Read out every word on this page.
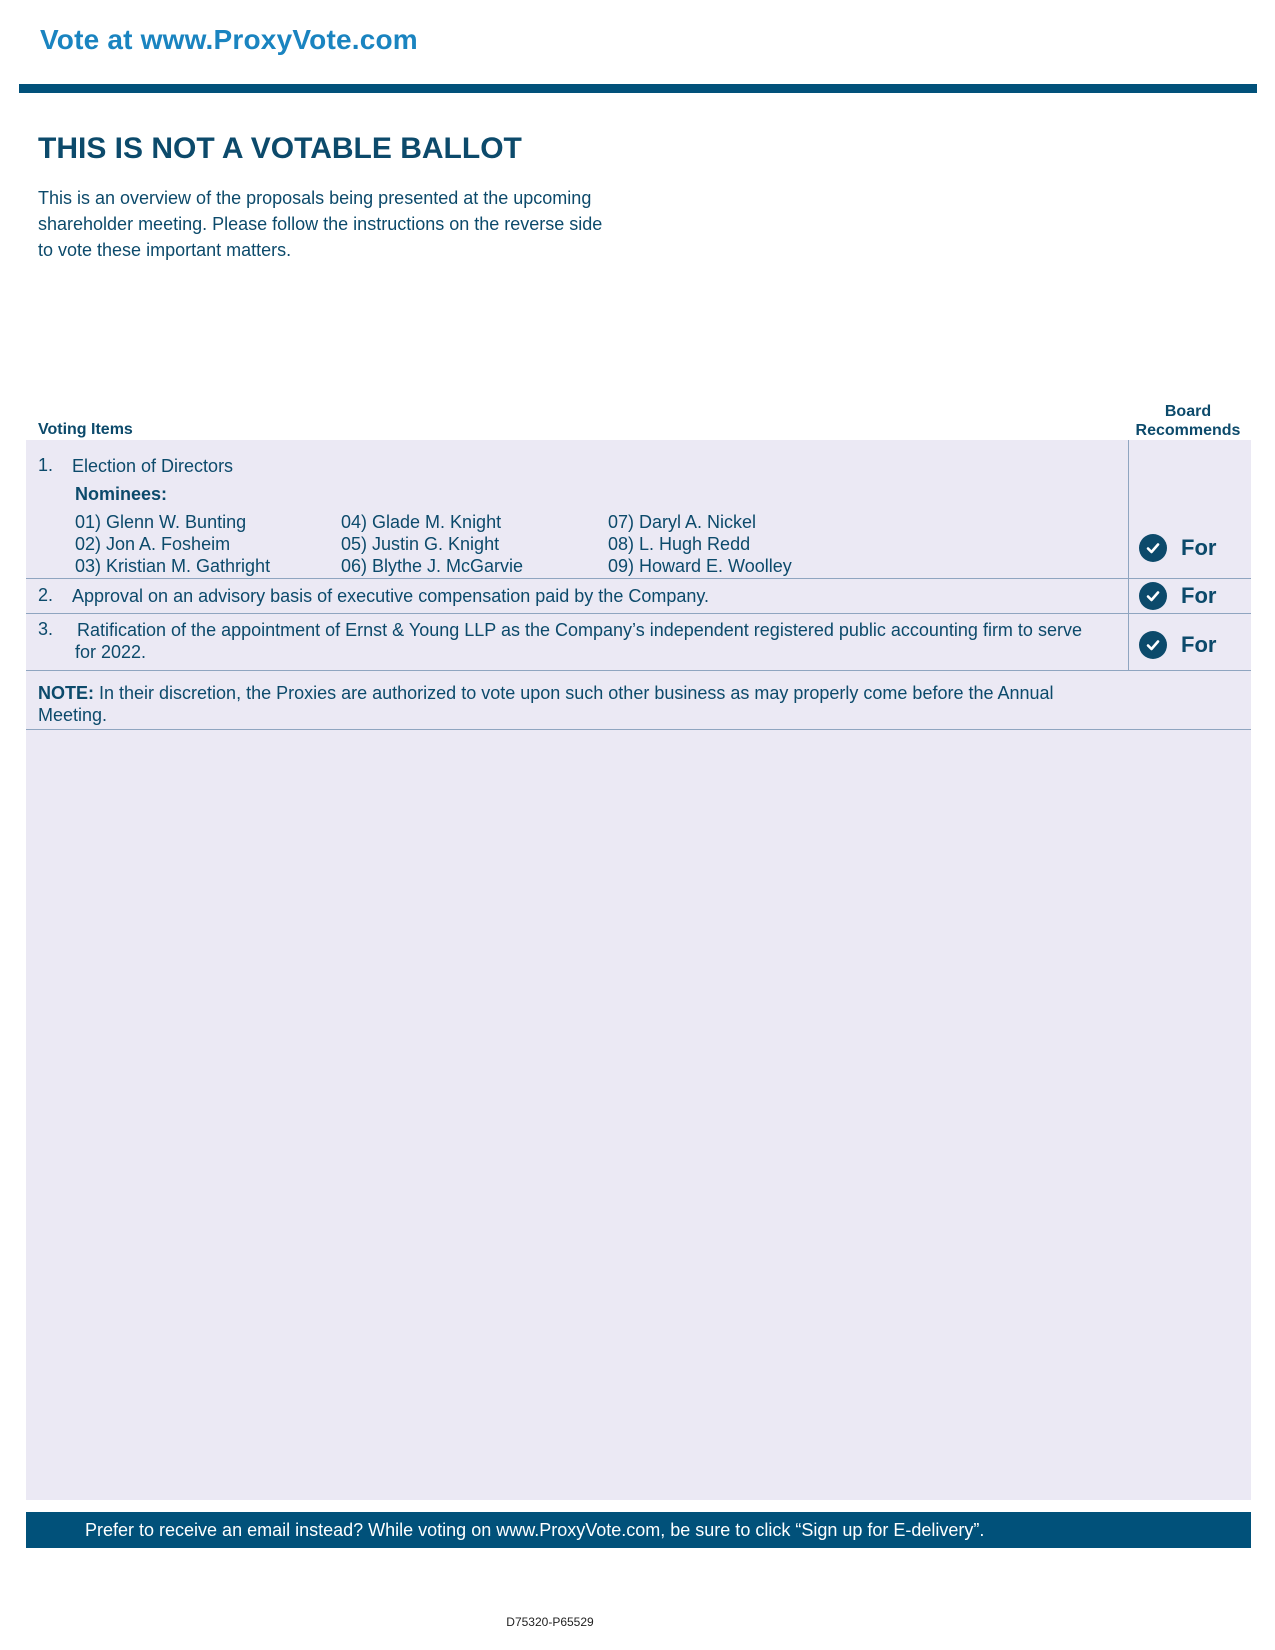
Vote at www.ProxyVote.com
THIS IS NOT A VOTABLE BALLOT
This is an overview of the proposals being presented at the upcoming shareholder meeting. Please follow the instructions on the reverse side to vote these important matters.
Voting Items
Board
Recommends
1. Election of Directors
Nominees:
01) Glenn W. Bunting
02) Jon A. Fosheim
03) Kristian M. Gathright
04) Glade M. Knight
05) Justin G. Knight
06) Blythe J. McGarvie
07) Daryl A. Nickel
08) L. Hugh Redd
09) Howard E. Woolley
For
2. Approval on an advisory basis of executive compensation paid by the Company.	For
3. Ratification of the appointment of Ernst & Young LLP as the Company’s independent registered public accounting firm to serve for 2022.	For
NOTE: In their discretion, the Proxies are authorized to vote upon such other business as may properly come before the Annual Meeting.
Prefer to receive an email instead? While voting on www.ProxyVote.com, be sure to click “Sign up for E-delivery”.
D75320-P65529
